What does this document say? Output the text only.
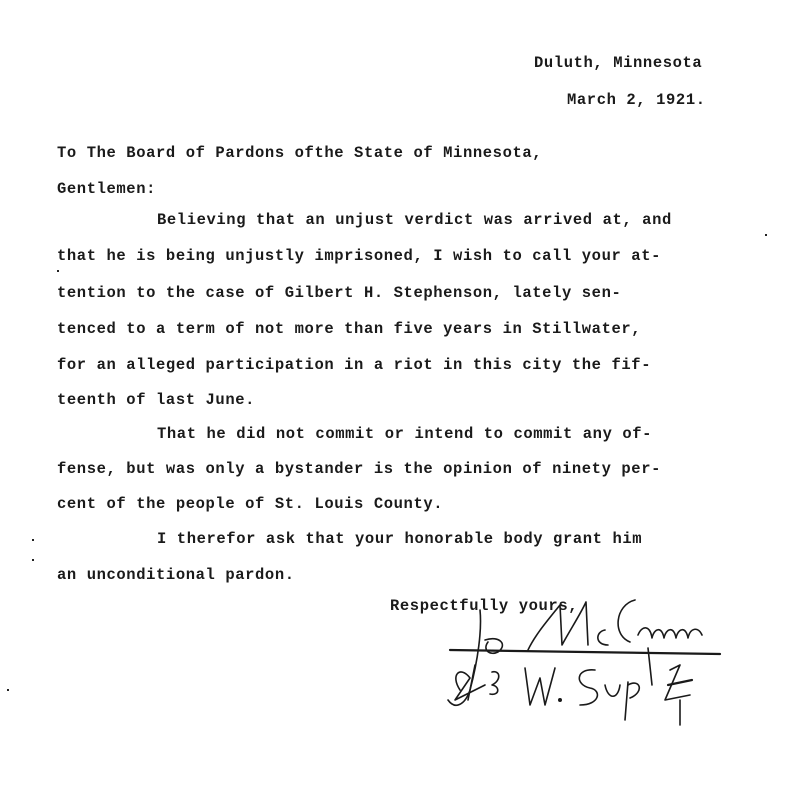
Duluth, Minnesota
March 2, 1921.
To The Board of Pardons ofthe State of Minnesota,
Gentlemen:
Believing that an unjust verdict was arrived at, and
that he is being unjustly imprisoned, I wish to call your at-
tention to the case of Gilbert H. Stephenson, lately sen-
tenced to a term of not more than five years in Stillwater,
for an alleged participation in a riot in this city the fif-
teenth of last June.
That he did not commit or intend to commit any of-
fense, but was only a bystander is the opinion of ninety per-
cent of the people of St. Louis County.
I therefor ask that your honorable body grant him
an unconditional pardon.
Respectfully yours,
